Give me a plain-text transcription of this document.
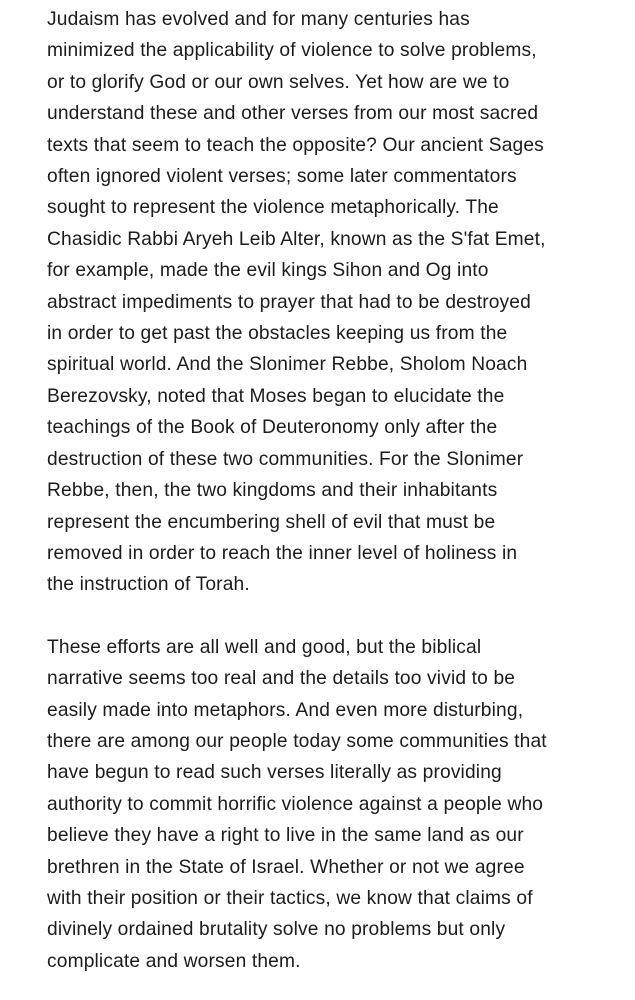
Judaism has evolved and for many centuries has
minimized the applicability of violence to solve problems,
or to glorify God or our own selves. Yet how are we to
understand these and other verses from our most sacred
texts that seem to teach the opposite? Our ancient Sages
often ignored violent verses; some later commentators
sought to represent the violence metaphorically. The
Chasidic Rabbi Aryeh Leib Alter, known as the S'fat Emet,
for example, made the evil kings Sihon and Og into
abstract impediments to prayer that had to be destroyed
in order to get past the obstacles keeping us from the
spiritual world. And the Slonimer Rebbe, Sholom Noach
Berezovsky, noted that Moses began to elucidate the
teachings of the Book of Deuteronomy only after the
destruction of these two communities. For the Slonimer
Rebbe, then, the two kingdoms and their inhabitants
represent the encumbering shell of evil that must be
removed in order to reach the inner level of holiness in
the instruction of Torah.

These efforts are all well and good, but the biblical
narrative seems too real and the details too vivid to be
easily made into metaphors. And even more disturbing,
there are among our people today some communities that
have begun to read such verses literally as providing
authority to commit horrific violence against a people who
believe they have a right to live in the same land as our
brethren in the State of Israel. Whether or not we agree
with their position or their tactics, we know that claims of
divinely ordained brutality solve no problems but only
complicate and worsen them.
